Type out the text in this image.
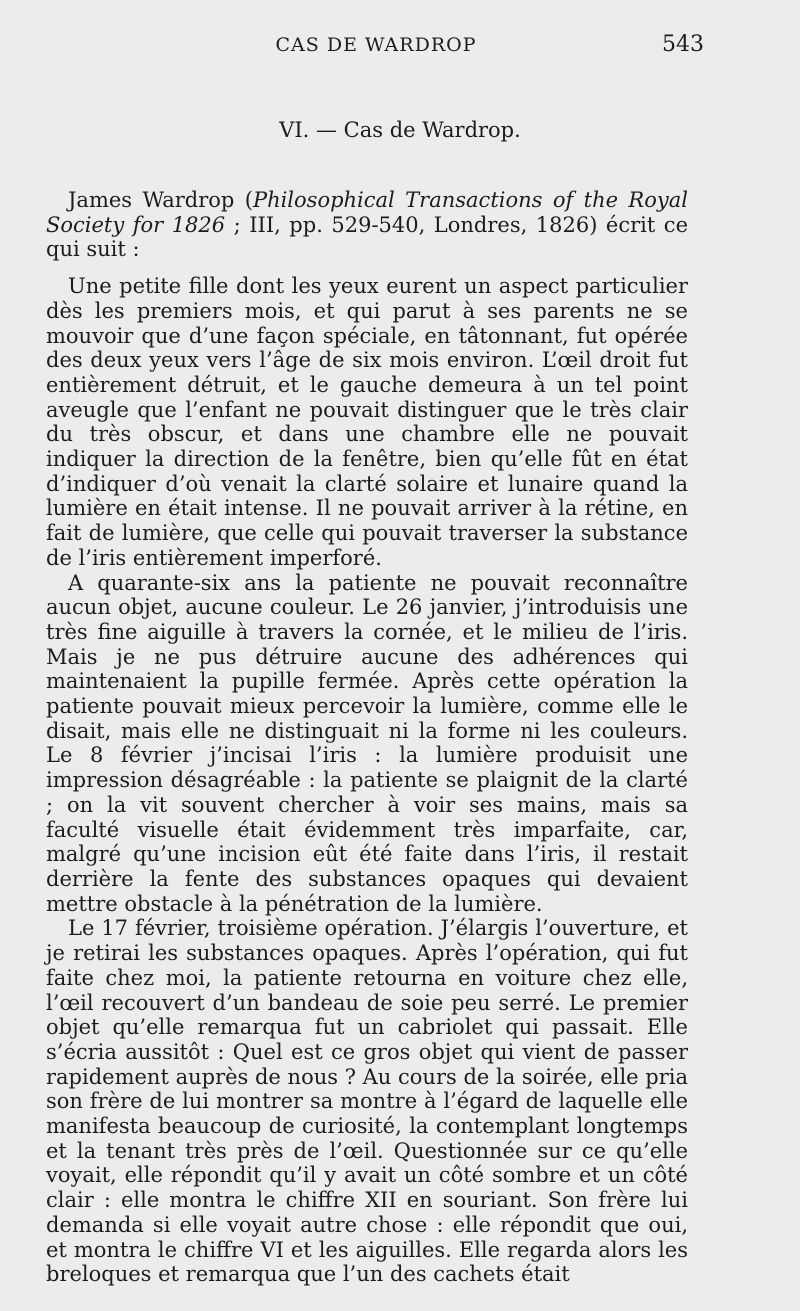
CAS DE WARDROP	543
VI. — Cas de Wardrop.

James Wardrop (Philosophical Transactions of the Royal Society for 1826 ; III, pp. 529-540, Londres, 1826) écrit ce qui suit :

Une petite fille dont les yeux eurent un aspect particulier dès les premiers mois, et qui parut à ses parents ne se mouvoir que d’une façon spéciale, en tâtonnant, fut opérée des deux yeux vers l’âge de six mois environ. L’œil droit fut entièrement détruit, et le gauche demeura à un tel point aveugle que l’enfant ne pouvait distinguer que le très clair du très obscur, et dans une chambre elle ne pouvait indiquer la direction de la fenêtre, bien qu’elle fût en état d’indiquer d’où venait la clarté solaire et lunaire quand la lumière en était intense. Il ne pouvait arriver à la rétine, en fait de lumière, que celle qui pouvait traverser la substance de l’iris entièrement imperforé.

A quarante-six ans la patiente ne pouvait reconnaître aucun objet, aucune couleur. Le 26 janvier, j’introduisis une très fine aiguille à travers la cornée, et le milieu de l’iris. Mais je ne pus détruire aucune des adhérences qui maintenaient la pupille fermée. Après cette opération la patiente pouvait mieux percevoir la lumière, comme elle le disait, mais elle ne distinguait ni la forme ni les couleurs. Le 8 février j’incisai l’iris : la lumière produisit une impression désagréable : la patiente se plaignit de la clarté ; on la vit souvent chercher à voir ses mains, mais sa faculté visuelle était évidemment très imparfaite, car, malgré qu’une incision eût été faite dans l’iris, il restait derrière la fente des substances opaques qui devaient mettre obstacle à la pénétration de la lumière.

Le 17 février, troisième opération. J’élargis l’ouverture, et je retirai les substances opaques. Après l’opération, qui fut faite chez moi, la patiente retourna en voiture chez elle, l’œil recouvert d’un bandeau de soie peu serré. Le premier objet qu’elle remarqua fut un cabriolet qui passait. Elle s’écria aussitôt : Quel est ce gros objet qui vient de passer rapidement auprès de nous ? Au cours de la soirée, elle pria son frère de lui montrer sa montre à l’égard de laquelle elle manifesta beaucoup de curiosité, la contemplant longtemps et la tenant très près de l’œil. Questionnée sur ce qu’elle voyait, elle répondit qu’il y avait un côté sombre et un côté clair : elle montra le chiffre XII en souriant. Son frère lui demanda si elle voyait autre chose : elle répondit que oui, et montra le chiffre VI et les aiguilles. Elle regarda alors les breloques et remarqua que l’un des cachets était
